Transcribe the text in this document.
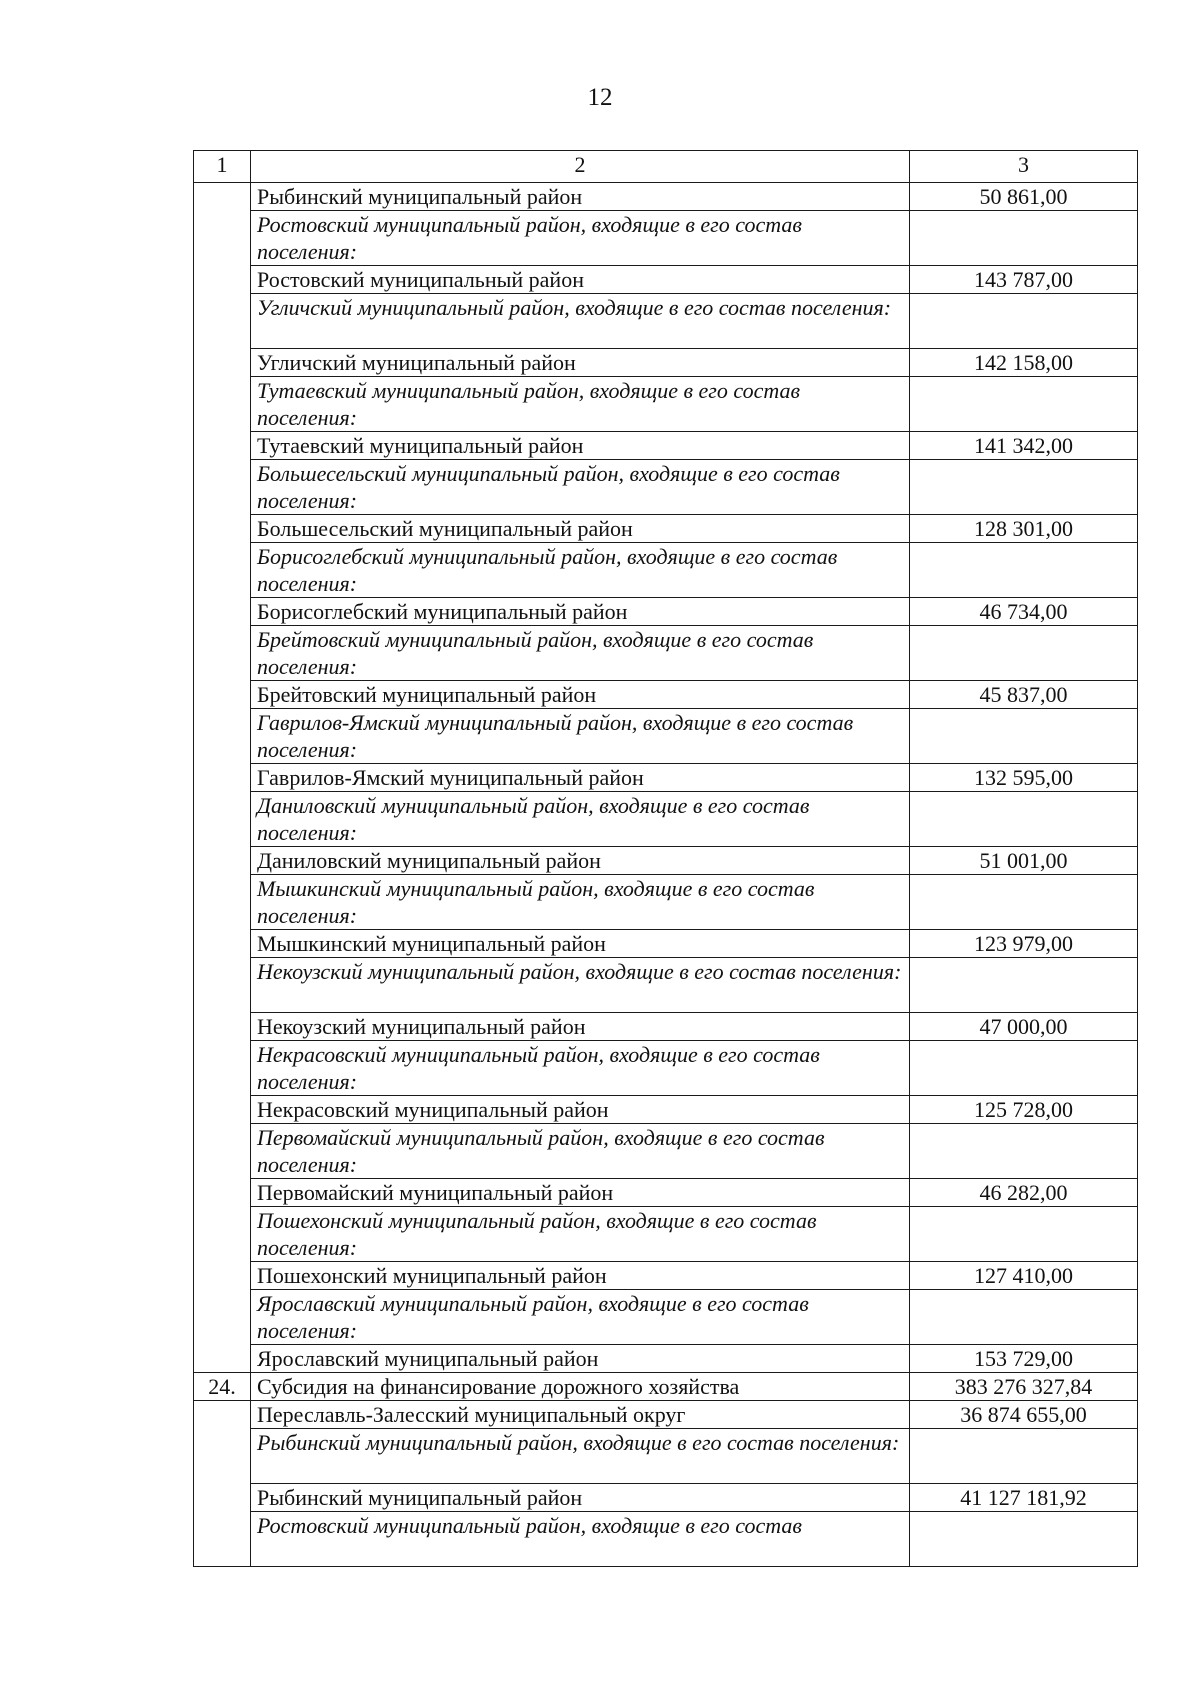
12
1	2	3
	Рыбинский муниципальный район	50 861,00
	Ростовский муниципальный район, входящие в его состав поселения:	
	Ростовский муниципальный район	143 787,00
	Угличский муниципальный район, входящие в его состав поселения:	
	Угличский муниципальный район	142 158,00
	Тутаевский муниципальный район, входящие в его состав поселения:	
	Тутаевский муниципальный район	141 342,00
	Большесельский муниципальный район, входящие в его состав поселения:	
	Большесельский муниципальный район	128 301,00
	Борисоглебский муниципальный район, входящие в его состав поселения:	
	Борисоглебский муниципальный район	46 734,00
	Брейтовский муниципальный район, входящие в его состав поселения:	
	Брейтовский муниципальный район	45 837,00
	Гаврилов-Ямский муниципальный район, входящие в его состав поселения:	
	Гаврилов-Ямский муниципальный район	132 595,00
	Даниловский муниципальный район, входящие в его состав поселения:	
	Даниловский муниципальный район	51 001,00
	Мышкинский муниципальный район, входящие в его состав поселения:	
	Мышкинский муниципальный район	123 979,00
	Некоузский муниципальный район, входящие в его состав поселения:	
	Некоузский муниципальный район	47 000,00
	Некрасовский муниципальный район, входящие в его состав поселения:	
	Некрасовский муниципальный район	125 728,00
	Первомайский муниципальный район, входящие в его состав поселения:	
	Первомайский муниципальный район	46 282,00
	Пошехонский муниципальный район, входящие в его состав поселения:	
	Пошехонский муниципальный район	127 410,00
	Ярославский муниципальный район, входящие в его состав поселения:	
	Ярославский муниципальный район	153 729,00
24.	Субсидия на финансирование дорожного хозяйства	383 276 327,84
	Переславль-Залесский муниципальный округ	36 874 655,00
	Рыбинский муниципальный район, входящие в его состав поселения:	
	Рыбинский муниципальный район	41 127 181,92
	Ростовский муниципальный район, входящие в его состав	
